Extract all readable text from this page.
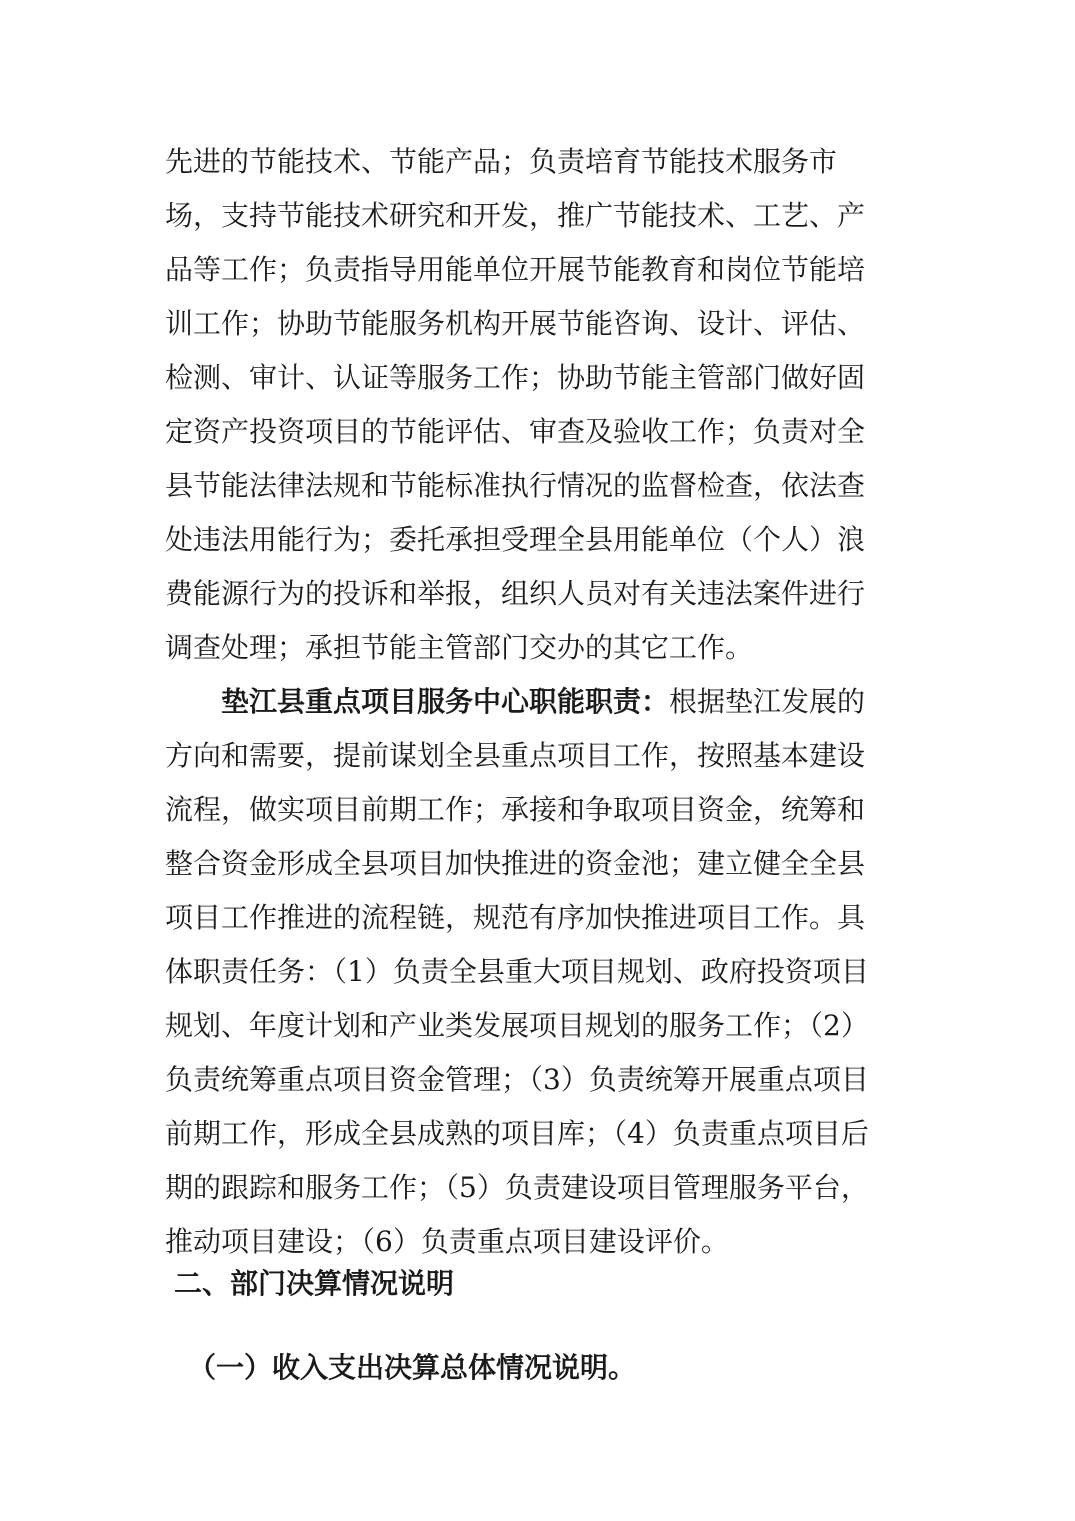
先进的节能技术、节能产品；负责培育节能技术服务市
场，支持节能技术研究和开发，推广节能技术、工艺、产
品等工作；负责指导用能单位开展节能教育和岗位节能培
训工作；协助节能服务机构开展节能咨询、设计、评估、
检测、审计、认证等服务工作；协助节能主管部门做好固
定资产投资项目的节能评估、审查及验收工作；负责对全
县节能法律法规和节能标准执行情况的监督检查，依法查
处违法用能行为；委托承担受理全县用能单位（个人）浪
费能源行为的投诉和举报，组织人员对有关违法案件进行
调查处理；承担节能主管部门交办的其它工作。
垫江县重点项目服务中心职能职责：根据垫江发展的
方向和需要，提前谋划全县重点项目工作，按照基本建设
流程，做实项目前期工作；承接和争取项目资金，统筹和
整合资金形成全县项目加快推进的资金池；建立健全全县
项目工作推进的流程链，规范有序加快推进项目工作。具
体职责任务：（1）负责全县重大项目规划、政府投资项目
规划、年度计划和产业类发展项目规划的服务工作；（2）
负责统筹重点项目资金管理；（3）负责统筹开展重点项目
前期工作，形成全县成熟的项目库；（4）负责重点项目后
期的跟踪和服务工作；（5）负责建设项目管理服务平台，
推动项目建设；（6）负责重点项目建设评价。
二、部门决算情况说明
（一）收入支出决算总体情况说明。
